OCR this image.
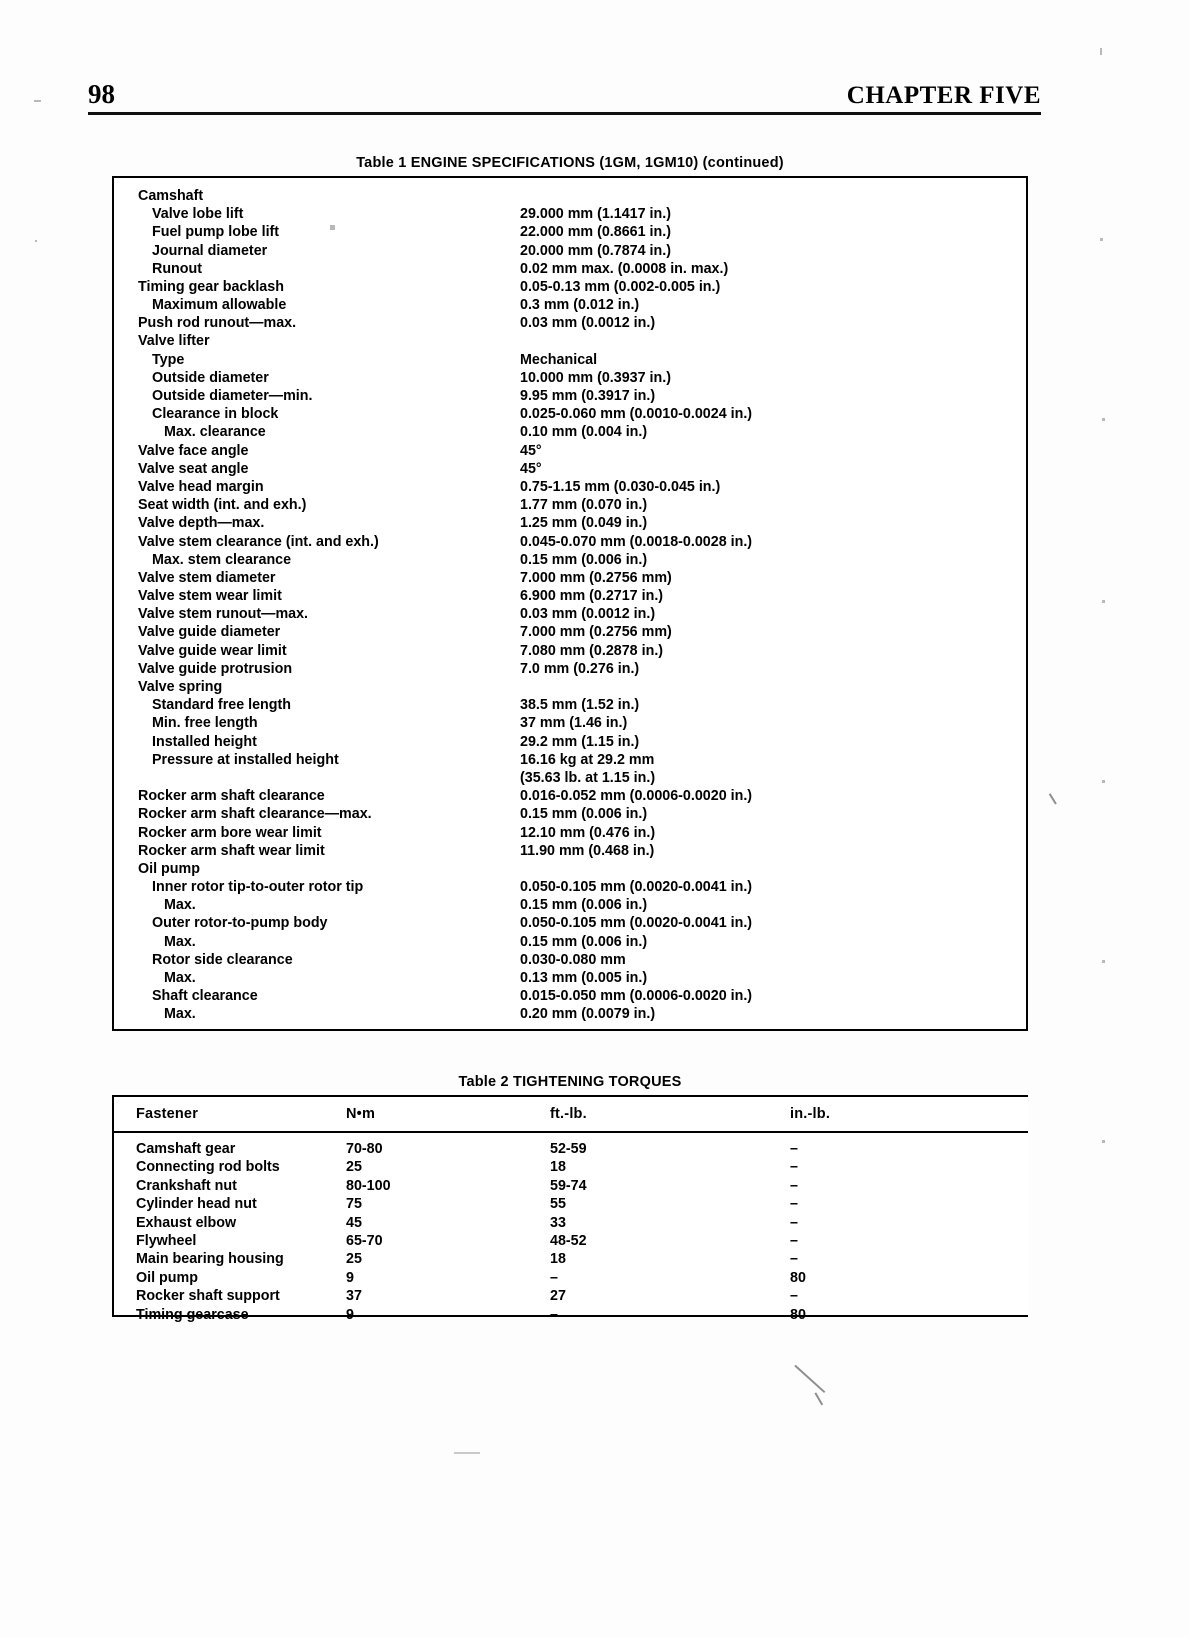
98	CHAPTER FIVE
Table 1 ENGINE SPECIFICATIONS (1GM, 1GM10) (continued)
Camshaft
Valve lobe lift	29.000 mm (1.1417 in.)
Fuel pump lobe lift	22.000 mm (0.8661 in.)
Journal diameter	20.000 mm (0.7874 in.)
Runout	0.02 mm max. (0.0008 in. max.)
Timing gear backlash	0.05-0.13 mm (0.002-0.005 in.)
Maximum allowable	0.3 mm (0.012 in.)
Push rod runout—max.	0.03 mm (0.0012 in.)
Valve lifter
Type	Mechanical
Outside diameter	10.000 mm (0.3937 in.)
Outside diameter—min.	9.95 mm (0.3917 in.)
Clearance in block	0.025-0.060 mm (0.0010-0.0024 in.)
Max. clearance	0.10 mm (0.004 in.)
Valve face angle	45°
Valve seat angle	45°
Valve head margin	0.75-1.15 mm (0.030-0.045 in.)
Seat width (int. and exh.)	1.77 mm (0.070 in.)
Valve depth—max.	1.25 mm (0.049 in.)
Valve stem clearance (int. and exh.)	0.045-0.070 mm (0.0018-0.0028 in.)
Max. stem clearance	0.15 mm (0.006 in.)
Valve stem diameter	7.000 mm (0.2756 mm)
Valve stem wear limit	6.900 mm (0.2717 in.)
Valve stem runout—max.	0.03 mm (0.0012 in.)
Valve guide diameter	7.000 mm (0.2756 mm)
Valve guide wear limit	7.080 mm (0.2878 in.)
Valve guide protrusion	7.0 mm (0.276 in.)
Valve spring
Standard free length	38.5 mm (1.52 in.)
Min. free length	37 mm (1.46 in.)
Installed height	29.2 mm (1.15 in.)
Pressure at installed height	16.16 kg at 29.2 mm
(35.63 lb. at 1.15 in.)
Rocker arm shaft clearance	0.016-0.052 mm (0.0006-0.0020 in.)
Rocker arm shaft clearance—max.	0.15 mm (0.006 in.)
Rocker arm bore wear limit	12.10 mm (0.476 in.)
Rocker arm shaft wear limit	11.90 mm (0.468 in.)
Oil pump
Inner rotor tip-to-outer rotor tip	0.050-0.105 mm (0.0020-0.0041 in.)
Max.	0.15 mm (0.006 in.)
Outer rotor-to-pump body	0.050-0.105 mm (0.0020-0.0041 in.)
Max.	0.15 mm (0.006 in.)
Rotor side clearance	0.030-0.080 mm
Max.	0.13 mm (0.005 in.)
Shaft clearance	0.015-0.050 mm (0.0006-0.0020 in.)
Max.	0.20 mm (0.0079 in.)
Table 2 TIGHTENING TORQUES
Fastener	N•m	ft.-lb.	in.-lb.
Camshaft gear	70-80	52-59	–
Connecting rod bolts	25	18	–
Crankshaft nut	80-100	59-74	–
Cylinder head nut	75	55	–
Exhaust elbow	45	33	–
Flywheel	65-70	48-52	–
Main bearing housing	25	18	–
Oil pump	9	–	80
Rocker shaft support	37	27	–
Timing gearcase	9	–	80
